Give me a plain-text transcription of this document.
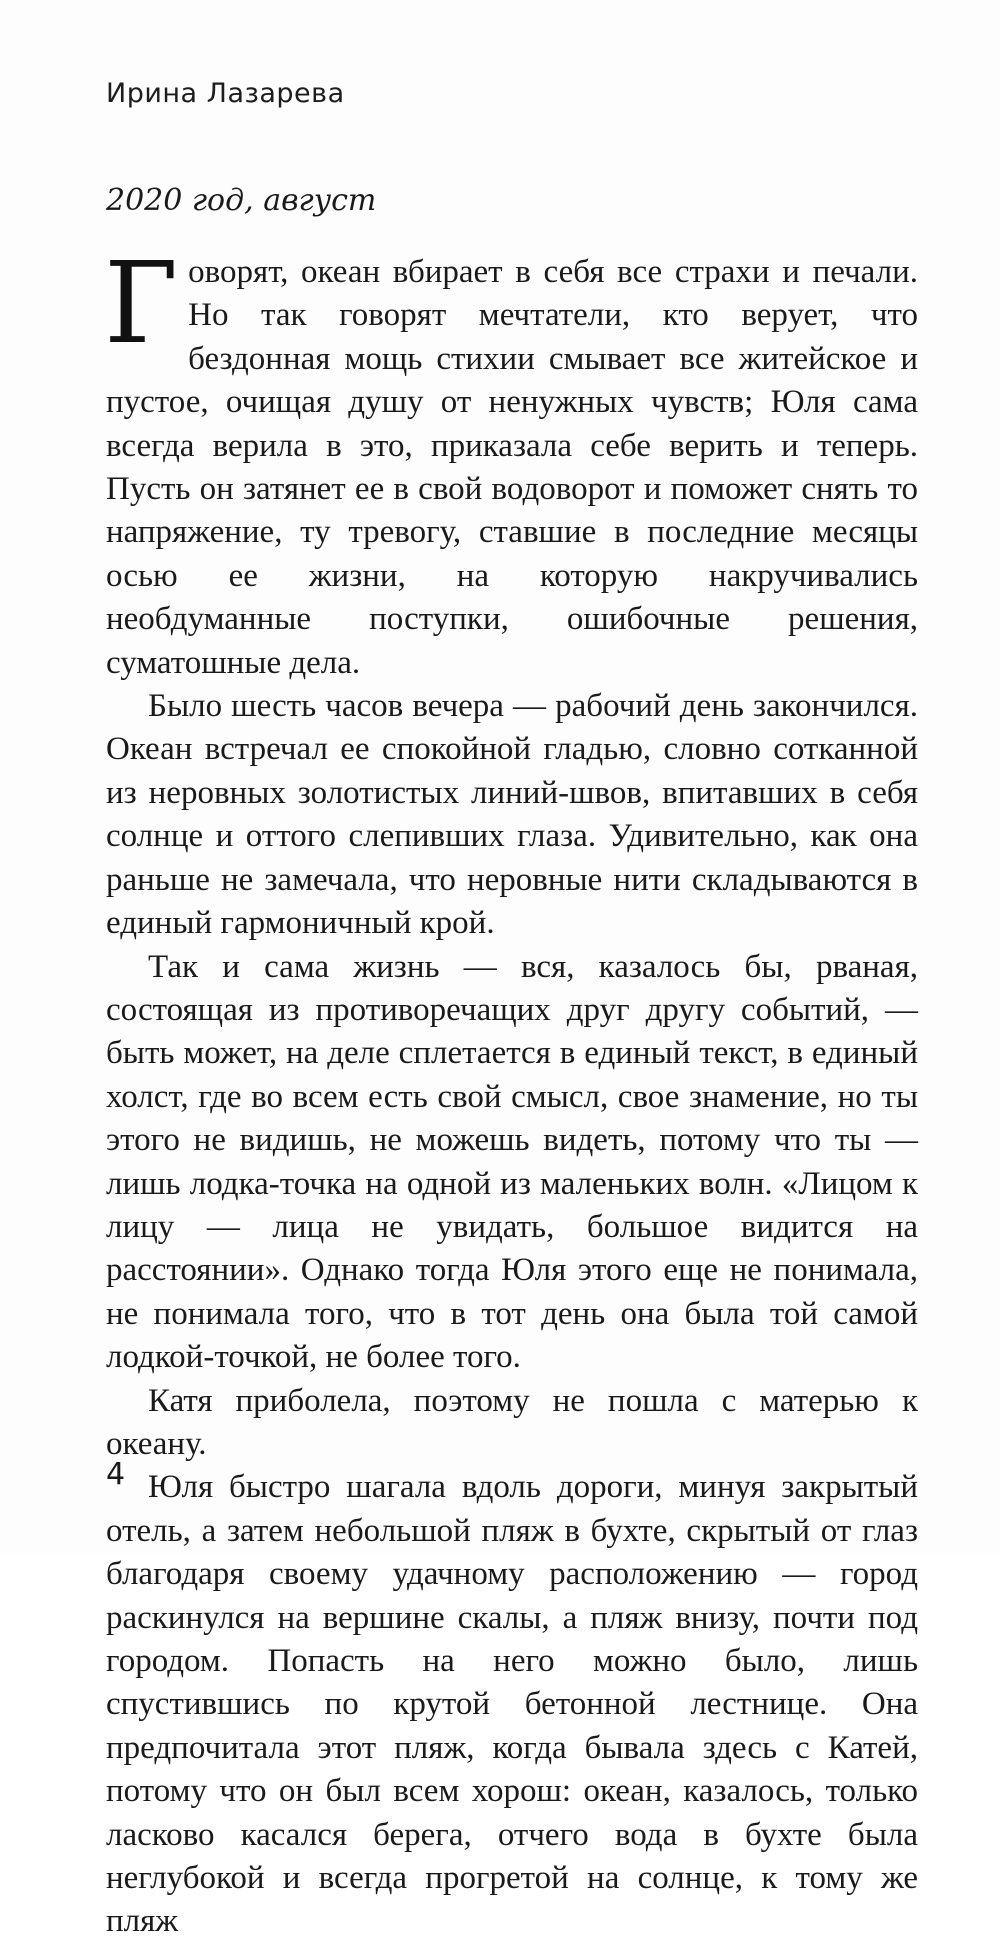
Ирина Лазарева
2020 год, август

Говорят, океан вбирает в себя все страхи и печали. Но так говорят мечтатели, кто верует, что бездонная мощь стихии смывает все житейское и пустое, очищая душу от ненужных чувств; Юля сама всегда верила в это, приказала себе верить и теперь. Пусть он затянет ее в свой водоворот и поможет снять то напряжение, ту тревогу, ставшие в последние месяцы осью ее жизни, на которую накручивались необдуманные поступки, ошибочные решения, суматошные дела.

Было шесть часов вечера — рабочий день закончился. Океан встречал ее спокойной гладью, словно сотканной из неровных золотистых линий-швов, впитавших в себя солнце и оттого слепивших глаза. Удивительно, как она раньше не замечала, что неровные нити складываются в единый гармоничный крой.

Так и сама жизнь — вся, казалось бы, рваная, состоящая из противоречащих друг другу событий, — быть может, на деле сплетается в единый текст, в единый холст, где во всем есть свой смысл, свое знамение, но ты этого не видишь, не можешь видеть, потому что ты — лишь лодка-точка на одной из маленьких волн. «Лицом к лицу — лица не увидать, большое видится на расстоянии». Однако тогда Юля этого еще не понимала, не понимала того, что в тот день она была той самой лодкой-точкой, не более того.

Катя приболела, поэтому не пошла с матерью к океану.

Юля быстро шагала вдоль дороги, минуя закрытый отель, а затем небольшой пляж в бухте, скрытый от глаз благодаря своему удачному расположению — город раскинулся на вершине скалы, а пляж внизу, почти под городом. Попасть на него можно было, лишь спустившись по крутой бетонной лестнице. Она предпочитала этот пляж, когда бывала здесь с Катей, потому что он был всем хорош: океан, казалось, только ласково касался берега, отчего вода в бухте была неглубокой и всегда прогретой на солнце, к тому же пляж

4
